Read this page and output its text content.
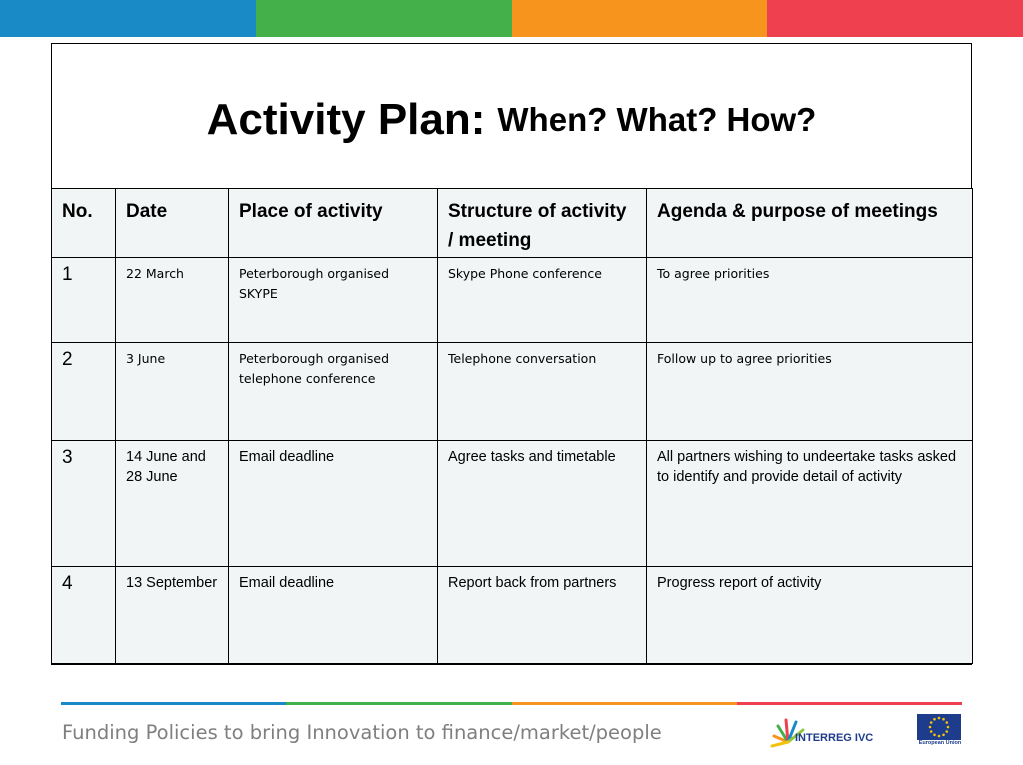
Activity Plan: When? What? How?
No.	Date	Place of activity	Structure of activity / meeting	Agenda & purpose of meetings
1	22 March	Peterborough organised SKYPE	Skype Phone conference	To agree priorities
2	3 June	Peterborough organised telephone conference	Telephone conversation	Follow up to agree priorities
3	14 June and 28 June	Email deadline	Agree tasks and timetable	All partners wishing to undeertake tasks asked to identify and provide detail of activity
4	13 September	Email deadline	Report back from partners	Progress report of activity
Funding Policies to bring Innovation to finance/market/people	INTERREG IVC	European Union
